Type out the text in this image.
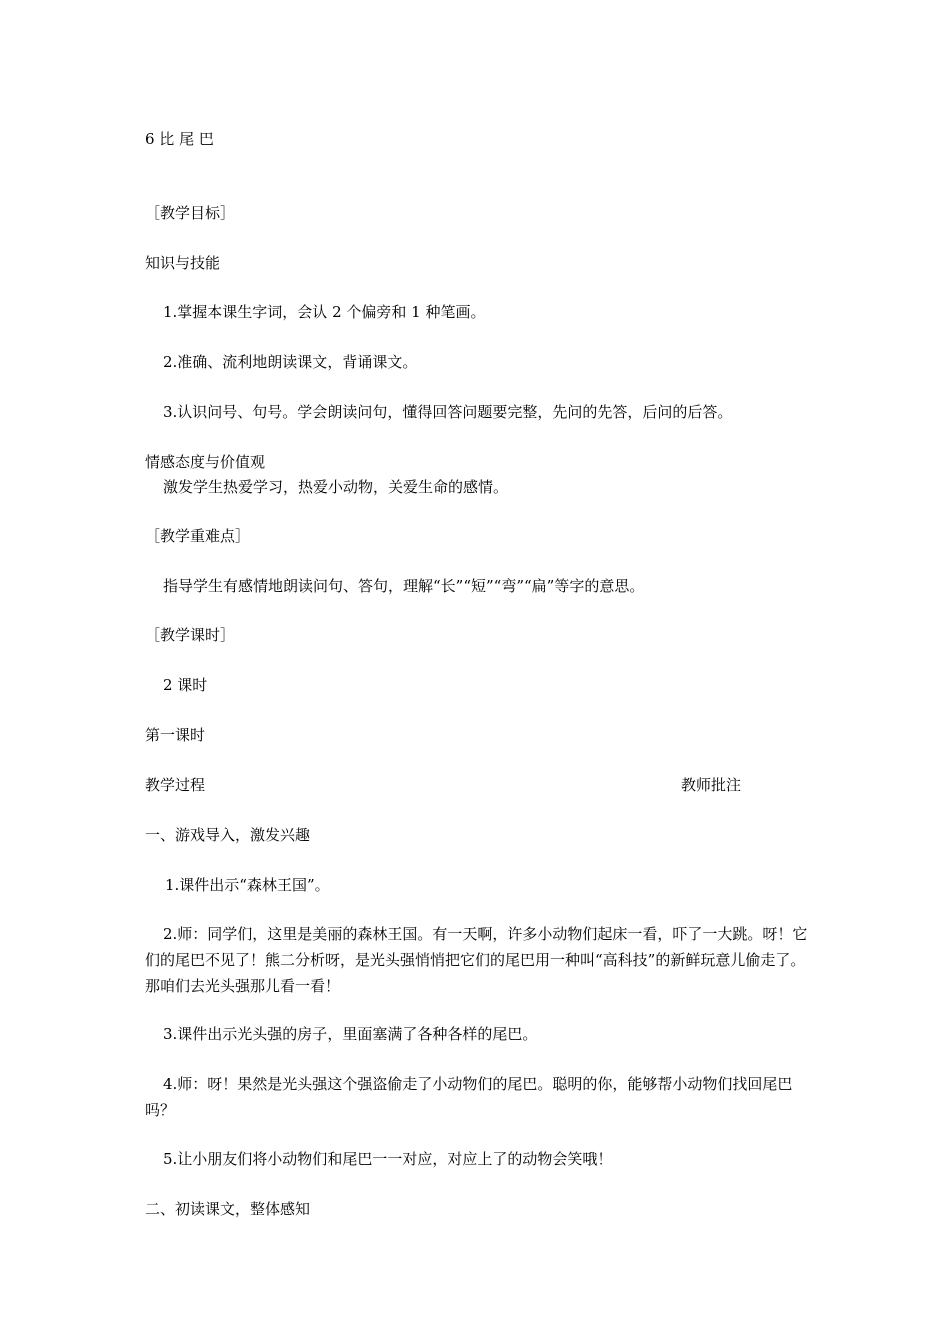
6 比 尾 巴
［教学目标］
知识与技能
1.掌握本课生字词，会认 2 个偏旁和 1 种笔画。
2.准确、流利地朗读课文，背诵课文。
3.认识问号、句号。学会朗读问句，懂得回答问题要完整，先问的先答，后问的后答。
情感态度与价值观
激发学生热爱学习，热爱小动物，关爱生命的感情。
［教学重难点］
指导学生有感情地朗读问句、答句，理解“长”“短”“弯”“扁”等字的意思。
［教学课时］
2 课时
第一课时
教学过程	教师批注
一、游戏导入，激发兴趣
1.课件出示“森林王国”。
2.师：同学们，这里是美丽的森林王国。有一天啊，许多小动物们起床一看，吓了一大跳。呀！它们的尾巴不见了！熊二分析呀，是光头强悄悄把它们的尾巴用一种叫“高科技”的新鲜玩意儿偷走了。那咱们去光头强那儿看一看！
3.课件出示光头强的房子，里面塞满了各种各样的尾巴。
4.师：呀！果然是光头强这个强盗偷走了小动物们的尾巴。聪明的你，能够帮小动物们找回尾巴吗？
5.让小朋友们将小动物们和尾巴一一对应，对应上了的动物会笑哦！
二、初读课文，整体感知
